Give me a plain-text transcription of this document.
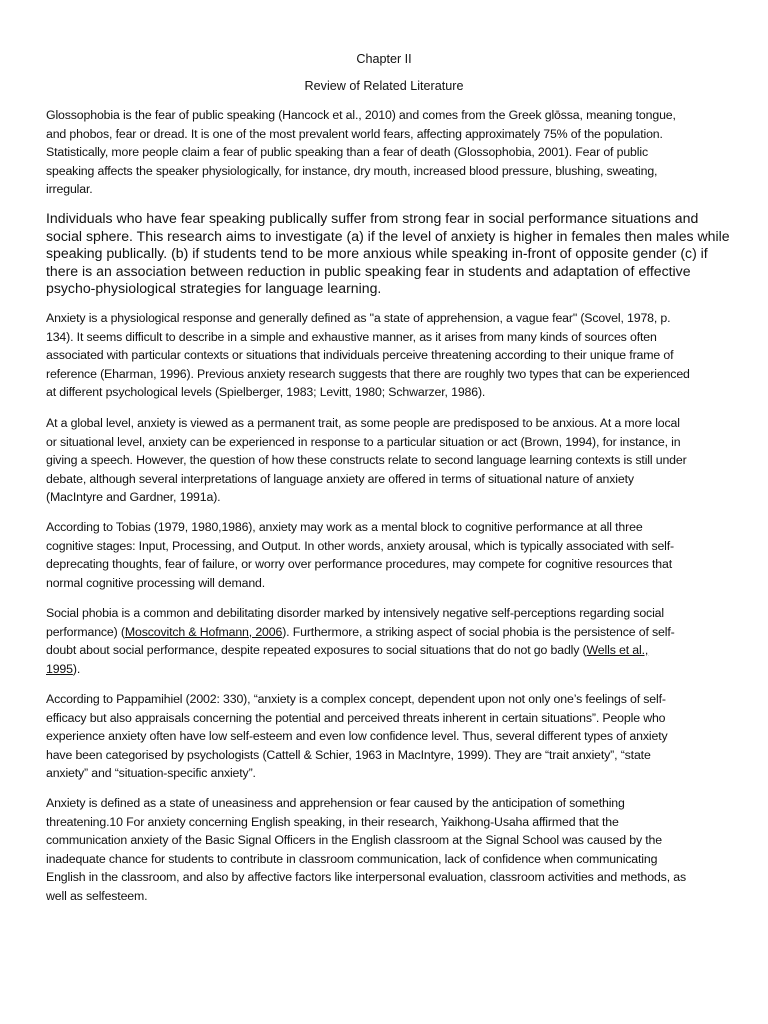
Chapter II
Review of Related Literature
Glossophobia is the fear of public speaking (Hancock et al., 2010) and comes from the Greek glōssa, meaning tongue,
and phobos, fear or dread. It is one of the most prevalent world fears, affecting approximately 75% of the population.
Statistically, more people claim a fear of public speaking than a fear of death (Glossophobia, 2001). Fear of public
speaking affects the speaker physiologically, for instance, dry mouth, increased blood pressure, blushing, sweating,
irregular.
Individuals who have fear speaking publically suffer from strong fear in social performance situations and
social sphere. This research aims to investigate (a) if the level of anxiety is higher in females then males while
speaking publically. (b) if students tend to be more anxious while speaking in-front of opposite gender (c) if
there is an association between reduction in public speaking fear in students and adaptation of effective
psycho-physiological strategies for language learning.
Anxiety is a physiological response and generally defined as "a state of apprehension, a vague fear" (Scovel, 1978, p.
134). It seems difficult to describe in a simple and exhaustive manner, as it arises from many kinds of sources often
associated with particular contexts or situations that individuals perceive threatening according to their unique frame of
reference (Eharman, 1996). Previous anxiety research suggests that there are roughly two types that can be experienced
at different psychological levels (Spielberger, 1983; Levitt, 1980; Schwarzer, 1986).
At a global level, anxiety is viewed as a permanent trait, as some people are predisposed to be anxious. At a more local
or situational level, anxiety can be experienced in response to a particular situation or act (Brown, 1994), for instance, in
giving a speech. However, the question of how these constructs relate to second language learning contexts is still under
debate, although several interpretations of language anxiety are offered in terms of situational nature of anxiety
(MacIntyre and Gardner, 1991a).
According to Tobias (1979, 1980,1986), anxiety may work as a mental block to cognitive performance at all three
cognitive stages: Input, Processing, and Output. In other words, anxiety arousal, which is typically associated with self-
deprecating thoughts, fear of failure, or worry over performance procedures, may compete for cognitive resources that
normal cognitive processing will demand.
Social phobia is a common and debilitating disorder marked by intensively negative self-perceptions regarding social
performance) (Moscovitch & Hofmann, 2006). Furthermore, a striking aspect of social phobia is the persistence of self-
doubt about social performance, despite repeated exposures to social situations that do not go badly (Wells et al.,
1995).
According to Pappamihiel (2002: 330), “anxiety is a complex concept, dependent upon not only one’s feelings of self-
efficacy but also appraisals concerning the potential and perceived threats inherent in certain situations”. People who
experience anxiety often have low self-esteem and even low confidence level. Thus, several different types of anxiety
have been categorised by psychologists (Cattell & Schier, 1963 in MacIntyre, 1999). They are “trait anxiety”, “state
anxiety” and “situation-specific anxiety”.
Anxiety is defined as a state of uneasiness and apprehension or fear caused by the anticipation of something
threatening.10 For anxiety concerning English speaking, in their research, Yaikhong-Usaha affirmed that the
communication anxiety of the Basic Signal Officers in the English classroom at the Signal School was caused by the
inadequate chance for students to contribute in classroom communication, lack of confidence when communicating
English in the classroom, and also by affective factors like interpersonal evaluation, classroom activities and methods, as
well as selfesteem.
